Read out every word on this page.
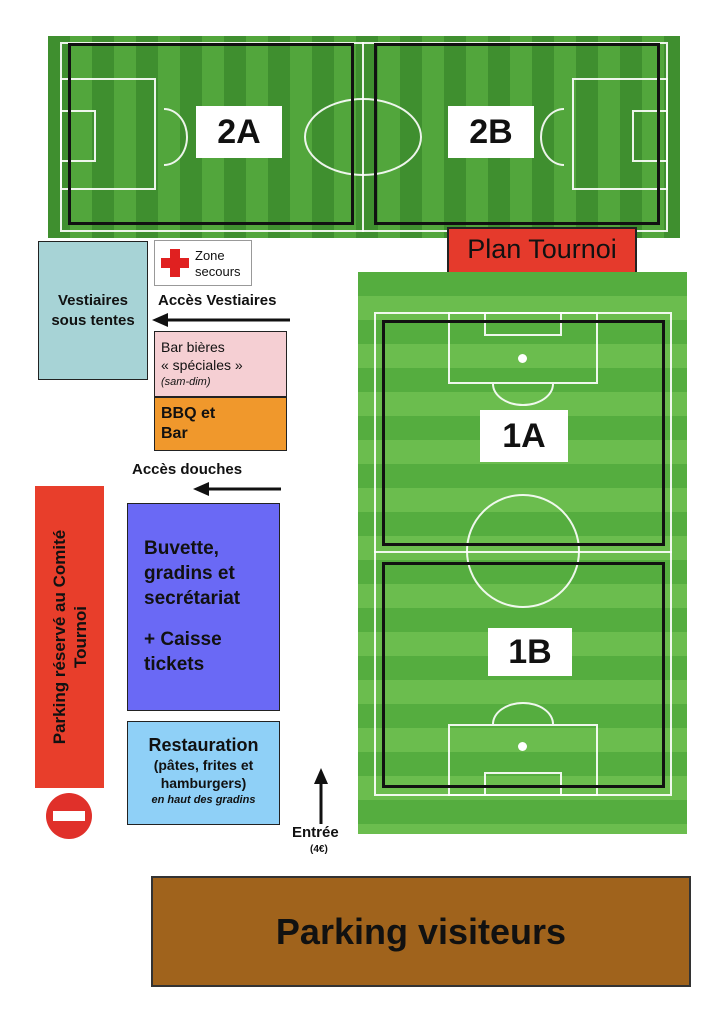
2A	2B
Plan Tournoi
1A
1B
Zone
secours
Vestiaires
sous tentes
Accès Vestiaires
Bar bières
« spéciales »
(sam-dim)
BBQ et
Bar
Accès douches
Buvette,
gradins et
secrétariat
+ Caisse
tickets
Restauration
(pâtes, frites et
hamburgers)
en haut des gradins
Parking réservé au Comité Tournoi
Entrée
(4€)
Parking visiteurs
